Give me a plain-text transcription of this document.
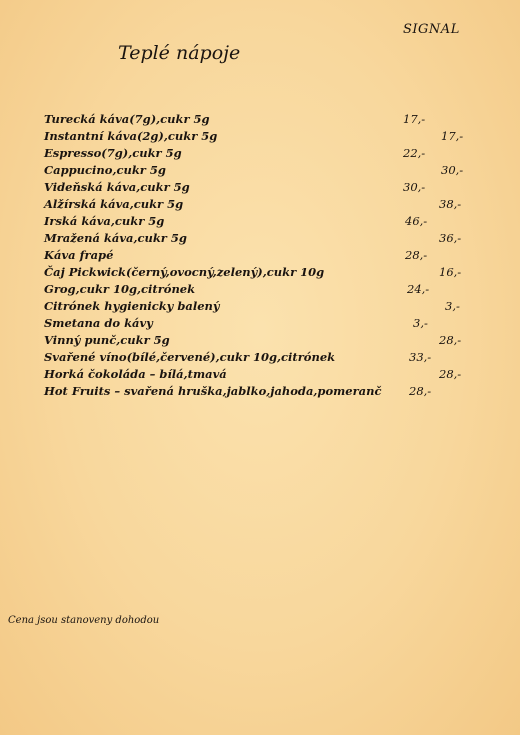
SIGNAL
Teplé nápoje
Turecká káva(7g),cukr 5g	17,-
Instantní káva(2g),cukr 5g	17,-
Espresso(7g),cukr 5g	22,-
Cappucino,cukr 5g	30,-
Videňská káva,cukr 5g	30,-
Alžírská káva,cukr 5g	38,-
Irská káva,cukr 5g	46,-
Mražená káva,cukr 5g	36,-
Káva frapé	28,-
Čaj Pickwick(černý,ovocný,zelený),cukr 10g	16,-
Grog,cukr 10g,citrónek	24,-
Citrónek hygienicky balený	3,-
Smetana do kávy	3,-
Vinný punč,cukr 5g	28,-
Svařené víno(bílé,červené),cukr 10g,citrónek	33,-
Horká čokoláda – bílá,tmavá	28,-
Hot Fruits – svařená hruška,jablko,jahoda,pomeranč 28,-
Cena jsou stanoveny dohodou
